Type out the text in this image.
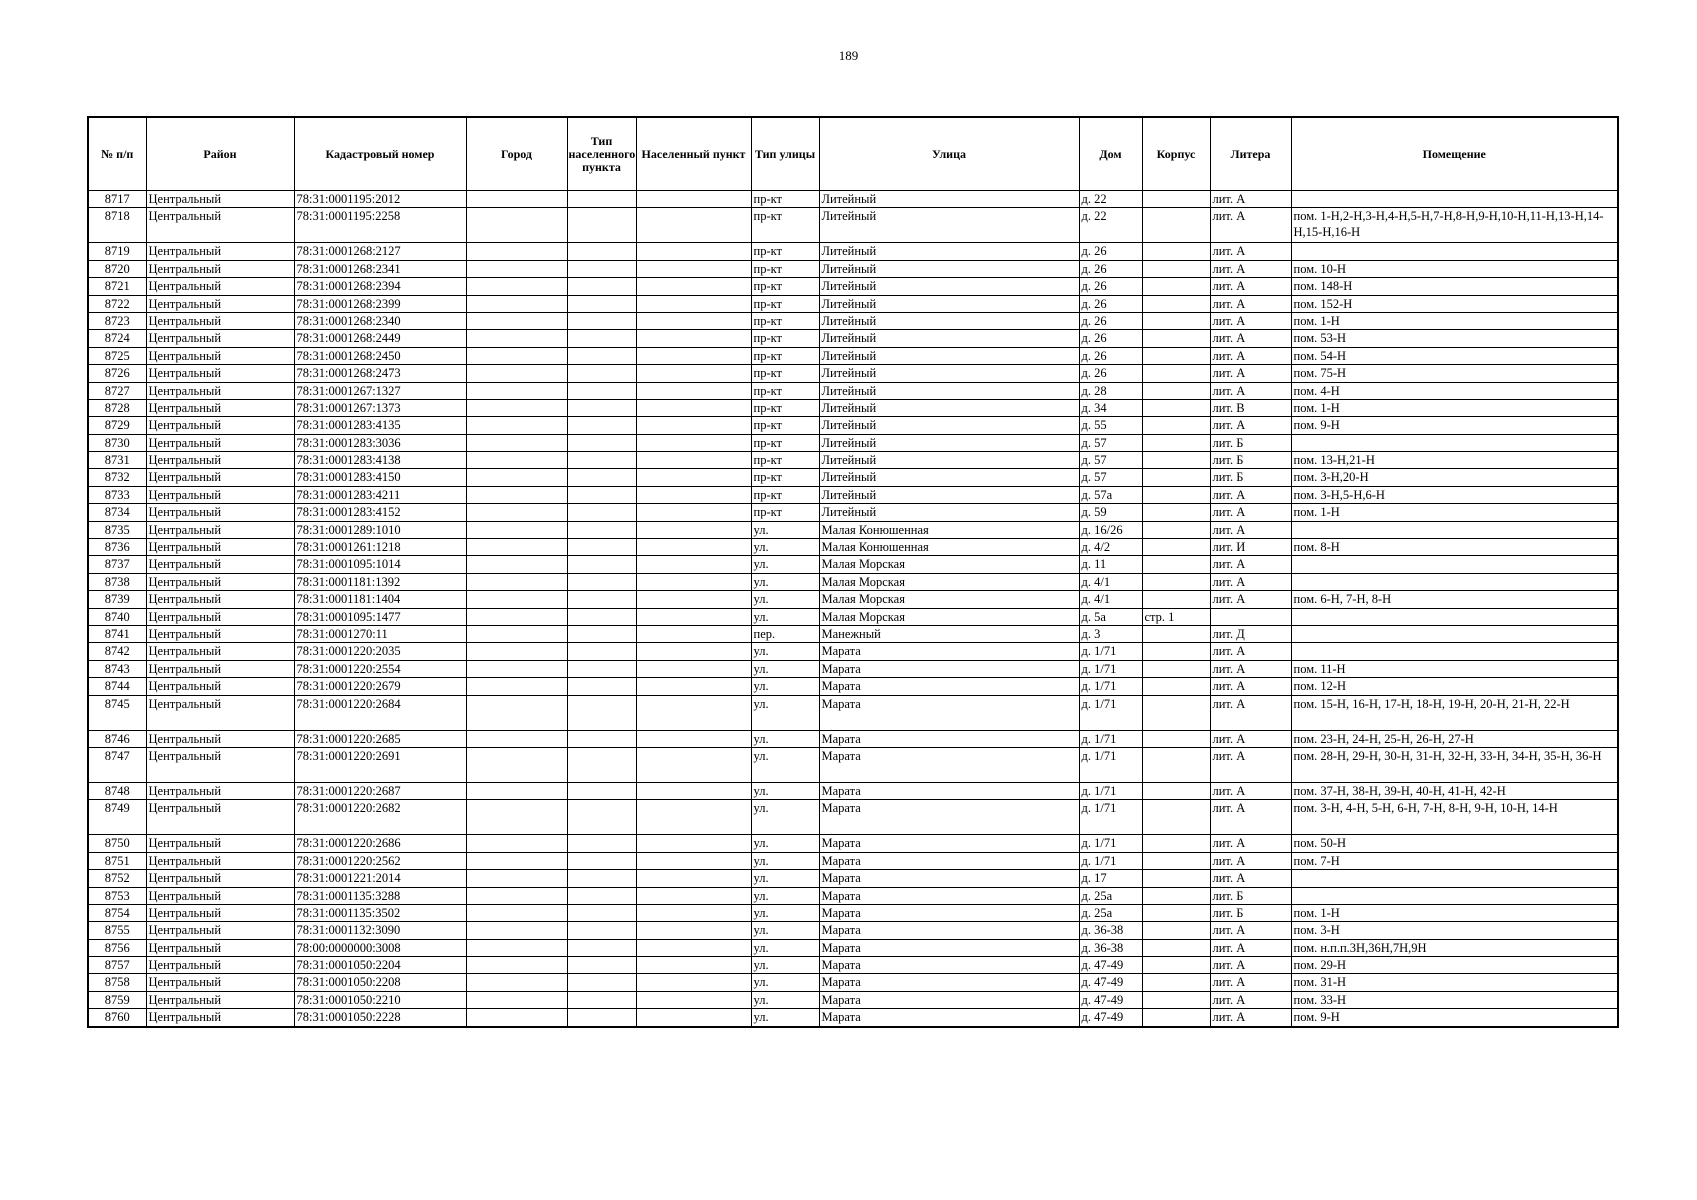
189
№ п/п	Район	Кадастровый номер	Город	Тип населенного пункта	Населенный пункт	Тип улицы	Улица	Дом	Корпус	Литера	Помещение
8717	Центральный	78:31:0001195:2012				пр-кт	Литейный	д. 22		лит. А	
8718	Центральный	78:31:0001195:2258				пр-кт	Литейный	д. 22		лит. А	пом. 1-Н,2-Н,3-Н,4-Н,5-Н,7-Н,8-Н,9-Н,10-Н,11-Н,13-Н,14-Н,15-Н,16-Н
8719	Центральный	78:31:0001268:2127				пр-кт	Литейный	д. 26		лит. А	
8720	Центральный	78:31:0001268:2341				пр-кт	Литейный	д. 26		лит. А	пом. 10-Н
8721	Центральный	78:31:0001268:2394				пр-кт	Литейный	д. 26		лит. А	пом. 148-Н
8722	Центральный	78:31:0001268:2399				пр-кт	Литейный	д. 26		лит. А	пом. 152-Н
8723	Центральный	78:31:0001268:2340				пр-кт	Литейный	д. 26		лит. А	пом. 1-Н
8724	Центральный	78:31:0001268:2449				пр-кт	Литейный	д. 26		лит. А	пом. 53-Н
8725	Центральный	78:31:0001268:2450				пр-кт	Литейный	д. 26		лит. А	пом. 54-Н
8726	Центральный	78:31:0001268:2473				пр-кт	Литейный	д. 26		лит. А	пом. 75-Н
8727	Центральный	78:31:0001267:1327				пр-кт	Литейный	д. 28		лит. А	пом. 4-Н
8728	Центральный	78:31:0001267:1373				пр-кт	Литейный	д. 34		лит. В	пом. 1-Н
8729	Центральный	78:31:0001283:4135				пр-кт	Литейный	д. 55		лит. А	пом. 9-Н
8730	Центральный	78:31:0001283:3036				пр-кт	Литейный	д. 57		лит. Б	
8731	Центральный	78:31:0001283:4138				пр-кт	Литейный	д. 57		лит. Б	пом. 13-Н,21-Н
8732	Центральный	78:31:0001283:4150				пр-кт	Литейный	д. 57		лит. Б	пом. 3-Н,20-Н
8733	Центральный	78:31:0001283:4211				пр-кт	Литейный	д. 57а		лит. А	пом. 3-Н,5-Н,6-Н
8734	Центральный	78:31:0001283:4152				пр-кт	Литейный	д. 59		лит. А	пом. 1-Н
8735	Центральный	78:31:0001289:1010				ул.	Малая Конюшенная	д. 16/26		лит. А	
8736	Центральный	78:31:0001261:1218				ул.	Малая Конюшенная	д. 4/2		лит. И	пом. 8-Н
8737	Центральный	78:31:0001095:1014				ул.	Малая Морская	д. 11		лит. А	
8738	Центральный	78:31:0001181:1392				ул.	Малая Морская	д. 4/1		лит. А	
8739	Центральный	78:31:0001181:1404				ул.	Малая Морская	д. 4/1		лит. А	пом. 6-Н, 7-Н, 8-Н
8740	Центральный	78:31:0001095:1477				ул.	Малая Морская	д. 5а	стр. 1		
8741	Центральный	78:31:0001270:11				пер.	Манежный	д. 3		лит. Д	
8742	Центральный	78:31:0001220:2035				ул.	Марата	д. 1/71		лит. А	
8743	Центральный	78:31:0001220:2554				ул.	Марата	д. 1/71		лит. А	пом. 11-Н
8744	Центральный	78:31:0001220:2679				ул.	Марата	д. 1/71		лит. А	пом. 12-Н
8745	Центральный	78:31:0001220:2684				ул.	Марата	д. 1/71		лит. А	пом. 15-Н, 16-Н, 17-Н, 18-Н, 19-Н, 20-Н, 21-Н, 22-Н
8746	Центральный	78:31:0001220:2685				ул.	Марата	д. 1/71		лит. А	пом. 23-Н, 24-Н, 25-Н, 26-Н, 27-Н
8747	Центральный	78:31:0001220:2691				ул.	Марата	д. 1/71		лит. А	пом. 28-Н, 29-Н, 30-Н, 31-Н, 32-Н, 33-Н, 34-Н, 35-Н, 36-Н
8748	Центральный	78:31:0001220:2687				ул.	Марата	д. 1/71		лит. А	пом. 37-Н, 38-Н, 39-Н, 40-Н, 41-Н, 42-Н
8749	Центральный	78:31:0001220:2682				ул.	Марата	д. 1/71		лит. А	пом. 3-Н, 4-Н, 5-Н, 6-Н, 7-Н, 8-Н, 9-Н, 10-Н, 14-Н
8750	Центральный	78:31:0001220:2686				ул.	Марата	д. 1/71		лит. А	пом. 50-Н
8751	Центральный	78:31:0001220:2562				ул.	Марата	д. 1/71		лит. А	пом. 7-Н
8752	Центральный	78:31:0001221:2014				ул.	Марата	д. 17		лит. А	
8753	Центральный	78:31:0001135:3288				ул.	Марата	д. 25а		лит. Б	
8754	Центральный	78:31:0001135:3502				ул.	Марата	д. 25а		лит. Б	пом. 1-Н
8755	Центральный	78:31:0001132:3090				ул.	Марата	д. 36-38		лит. А	пом. 3-Н
8756	Центральный	78:00:0000000:3008				ул.	Марата	д. 36-38		лит. А	пом. н.п.п.3Н,36Н,7Н,9Н
8757	Центральный	78:31:0001050:2204				ул.	Марата	д. 47-49		лит. А	пом. 29-Н
8758	Центральный	78:31:0001050:2208				ул.	Марата	д. 47-49		лит. А	пом. 31-Н
8759	Центральный	78:31:0001050:2210				ул.	Марата	д. 47-49		лит. А	пом. 33-Н
8760	Центральный	78:31:0001050:2228				ул.	Марата	д. 47-49		лит. А	пом. 9-Н
